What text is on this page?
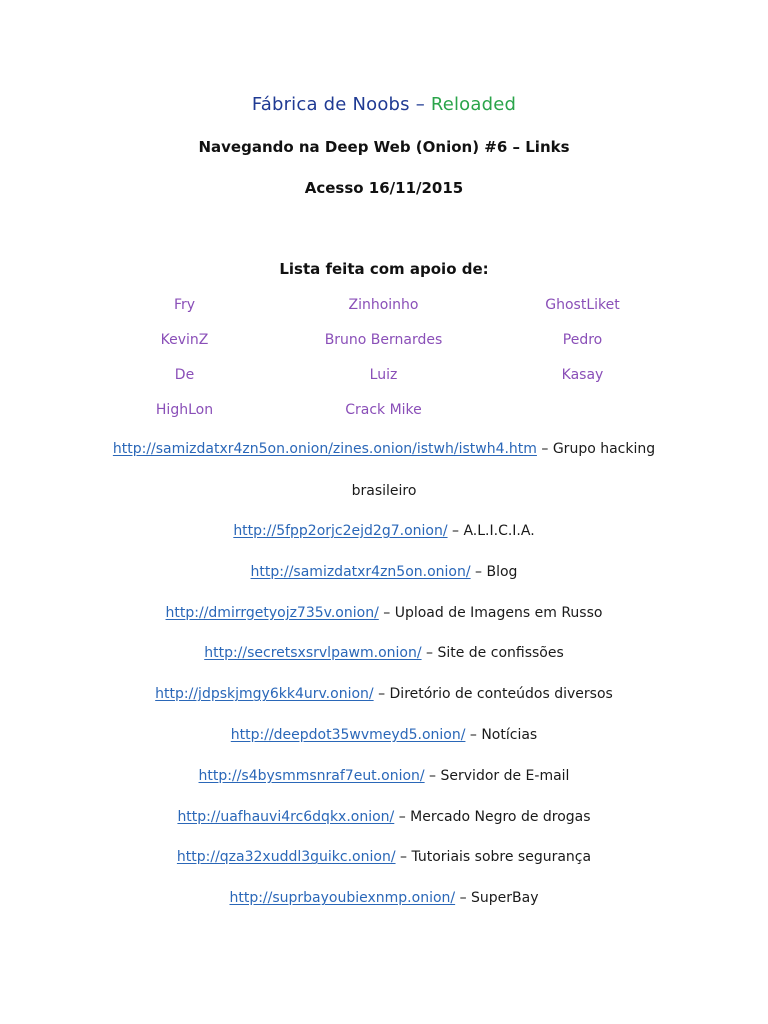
Fábrica de Noobs – Reloaded
Navegando na Deep Web (Onion) #6 – Links
Acesso 16/11/2015
Lista feita com apoio de:
Fry	Zinhoinho	GhostLiket
KevinZ	Bruno Bernardes	Pedro
De	Luiz	Kasay
HighLon	Crack Mike
http://samizdatxr4zn5on.onion/zines.onion/istwh/istwh4.htm – Grupo hacking
brasileiro
http://5fpp2orjc2ejd2g7.onion/ – A.L.I.C.I.A.
http://samizdatxr4zn5on.onion/ – Blog
http://dmirrgetyojz735v.onion/ – Upload de Imagens em Russo
http://secretsxsrvlpawm.onion/ – Site de confissões
http://jdpskjmgy6kk4urv.onion/ – Diretório de conteúdos diversos
http://deepdot35wvmeyd5.onion/ – Notícias
http://s4bysmmsnraf7eut.onion/ – Servidor de E-mail
http://uafhauvi4rc6dqkx.onion/ – Mercado Negro de drogas
http://qza32xuddl3guikc.onion/ – Tutoriais sobre segurança
http://suprbayoubiexnmp.onion/ – SuperBay
